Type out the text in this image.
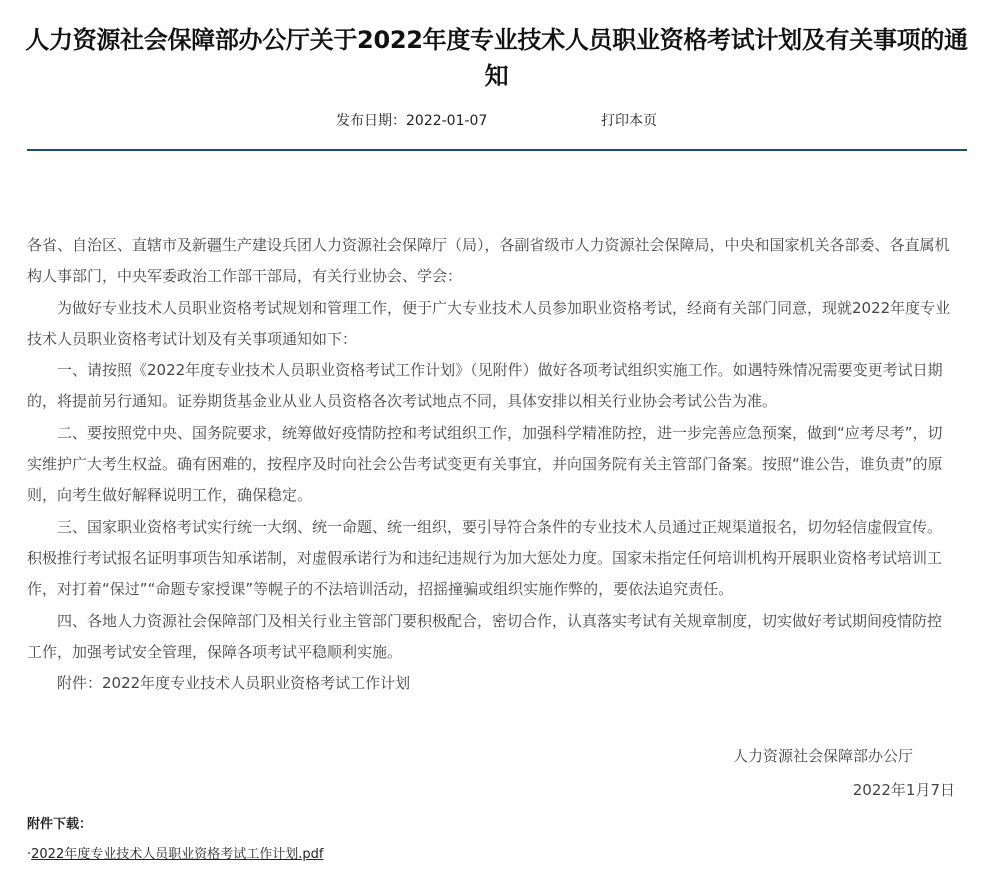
人力资源社会保障部办公厅关于2022年度专业技术人员职业资格考试计划及有关事项的通知
发布日期：2022-01-07	打印本页

各省、自治区、直辖市及新疆生产建设兵团人力资源社会保障厅（局），各副省级市人力资源社会保障局，中央和国家机关各部委、各直属机构人事部门，中央军委政治工作部干部局，有关行业协会、学会：

为做好专业技术人员职业资格考试规划和管理工作，便于广大专业技术人员参加职业资格考试，经商有关部门同意，现就2022年度专业技术人员职业资格考试计划及有关事项通知如下：

一、请按照《2022年度专业技术人员职业资格考试工作计划》（见附件）做好各项考试组织实施工作。如遇特殊情况需要变更考试日期的，将提前另行通知。证券期货基金业从业人员资格各次考试地点不同，具体安排以相关行业协会考试公告为准。

二、要按照党中央、国务院要求，统筹做好疫情防控和考试组织工作，加强科学精准防控，进一步完善应急预案，做到“应考尽考”，切实维护广大考生权益。确有困难的，按程序及时向社会公告考试变更有关事宜，并向国务院有关主管部门备案。按照“谁公告，谁负责”的原则，向考生做好解释说明工作，确保稳定。

三、国家职业资格考试实行统一大纲、统一命题、统一组织，要引导符合条件的专业技术人员通过正规渠道报名，切勿轻信虚假宣传。积极推行考试报名证明事项告知承诺制，对虚假承诺行为和违纪违规行为加大惩处力度。国家未指定任何培训机构开展职业资格考试培训工作，对打着“保过”“命题专家授课”等幌子的不法培训活动，招摇撞骗或组织实施作弊的，要依法追究责任。

四、各地人力资源社会保障部门及相关行业主管部门要积极配合，密切合作，认真落实考试有关规章制度，切实做好考试期间疫情防控工作，加强考试安全管理，保障各项考试平稳顺利实施。

附件：2022年度专业技术人员职业资格考试工作计划

人力资源社会保障部办公厅
2022年1月7日
附件下载：
·2022年度专业技术人员职业资格考试工作计划.pdf
